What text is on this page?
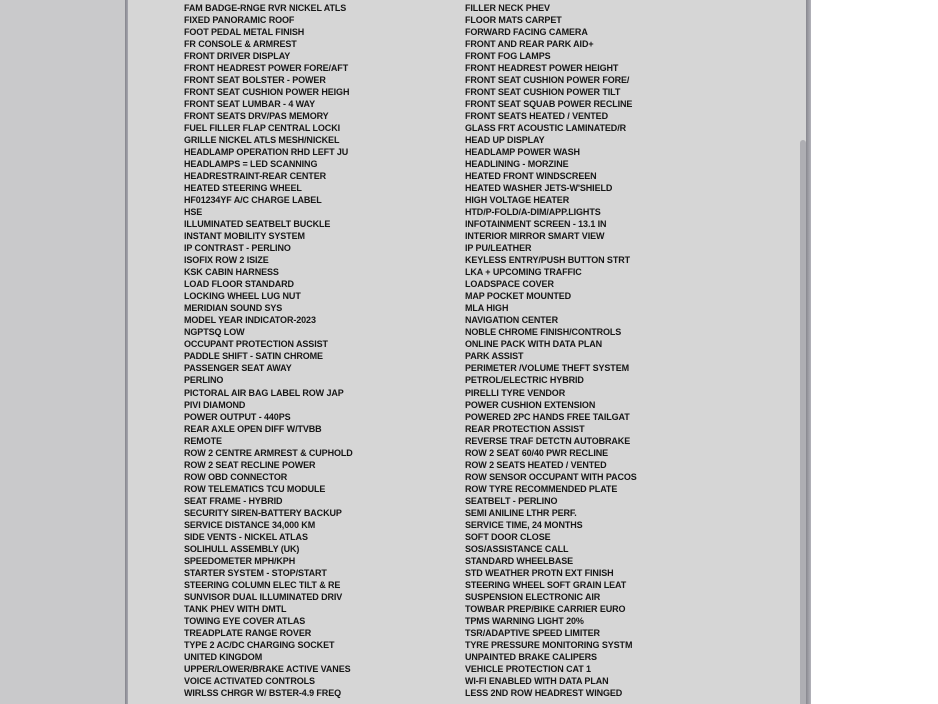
FAM BADGE-RNGE RVR NICKEL ATLS
FIXED PANORAMIC ROOF
FOOT PEDAL METAL FINISH
FR CONSOLE & ARMREST
FRONT DRIVER DISPLAY
FRONT HEADREST POWER FORE/AFT
FRONT SEAT BOLSTER - POWER
FRONT SEAT CUSHION POWER HEIGH
FRONT SEAT LUMBAR - 4 WAY
FRONT SEATS DRV/PAS MEMORY
FUEL FILLER FLAP CENTRAL LOCKI
GRILLE NICKEL ATLS MESH/NICKEL
HEADLAMP OPERATION RHD LEFT JU
HEADLAMPS = LED SCANNING
HEADRESTRAINT-REAR CENTER
HEATED STEERING WHEEL
HF01234YF A/C CHARGE LABEL
HSE
ILLUMINATED SEATBELT BUCKLE
INSTANT MOBILITY SYSTEM
IP CONTRAST - PERLINO
ISOFIX ROW 2 ISIZE
KSK CABIN HARNESS
LOAD FLOOR STANDARD
LOCKING WHEEL LUG NUT
MERIDIAN SOUND SYS
MODEL YEAR INDICATOR-2023
NGPTSQ LOW
OCCUPANT PROTECTION ASSIST
PADDLE SHIFT - SATIN CHROME
PASSENGER SEAT AWAY
PERLINO
PICTORAL AIR BAG LABEL ROW JAP
PIVI DIAMOND
POWER OUTPUT - 440PS
REAR AXLE OPEN DIFF W/TVBB
REMOTE
ROW 2 CENTRE ARMREST & CUPHOLD
ROW 2 SEAT RECLINE POWER
ROW OBD CONNECTOR
ROW TELEMATICS TCU MODULE
SEAT FRAME - HYBRID
SECURITY SIREN-BATTERY BACKUP
SERVICE DISTANCE 34,000 KM
SIDE VENTS - NICKEL ATLAS
SOLIHULL ASSEMBLY (UK)
SPEEDOMETER MPH/KPH
STARTER SYSTEM - STOP/START
STEERING COLUMN ELEC TILT & RE
SUNVISOR DUAL ILLUMINATED DRIV
TANK PHEV WITH DMTL
TOWING EYE COVER ATLAS
TREADPLATE RANGE ROVER
TYPE 2 AC/DC CHARGING SOCKET
UNITED KINGDOM
UPPER/LOWER/BRAKE ACTIVE VANES
VOICE ACTIVATED CONTROLS
WIRLSS CHRGR W/ BSTER-4.9 FREQ
FILLER NECK PHEV
FLOOR MATS CARPET
FORWARD FACING CAMERA
FRONT AND REAR PARK AID+
FRONT FOG LAMPS
FRONT HEADREST POWER HEIGHT
FRONT SEAT CUSHION POWER FORE/
FRONT SEAT CUSHION POWER TILT
FRONT SEAT SQUAB POWER RECLINE
FRONT SEATS HEATED / VENTED
GLASS FRT ACOUSTIC LAMINATED/R
HEAD UP DISPLAY
HEADLAMP POWER WASH
HEADLINING - MORZINE
HEATED FRONT WINDSCREEN
HEATED WASHER JETS-W'SHIELD
HIGH VOLTAGE HEATER
HTD/P-FOLD/A-DIM/APP.LIGHTS
INFOTAINMENT SCREEN - 13.1 IN
INTERIOR MIRROR SMART VIEW
IP PU/LEATHER
KEYLESS ENTRY/PUSH BUTTON STRT
LKA + UPCOMING TRAFFIC
LOADSPACE COVER
MAP POCKET MOUNTED
MLA HIGH
NAVIGATION CENTER
NOBLE CHROME FINISH/CONTROLS
ONLINE PACK WITH DATA PLAN
PARK ASSIST
PERIMETER /VOLUME THEFT SYSTEM
PETROL/ELECTRIC HYBRID
PIRELLI TYRE VENDOR
POWER CUSHION EXTENSION
POWERED 2PC HANDS FREE TAILGAT
REAR PROTECTION ASSIST
REVERSE TRAF DETCTN AUTOBRAKE
ROW 2 SEAT 60/40 PWR RECLINE
ROW 2 SEATS HEATED / VENTED
ROW SENSOR OCCUPANT WITH PACOS
ROW TYRE RECOMMENDED PLATE
SEATBELT - PERLINO
SEMI ANILINE LTHR PERF.
SERVICE TIME, 24 MONTHS
SOFT DOOR CLOSE
SOS/ASSISTANCE CALL
STANDARD WHEELBASE
STD WEATHER PROTN EXT FINISH
STEERING WHEEL SOFT GRAIN LEAT
SUSPENSION ELECTRONIC AIR
TOWBAR PREP/BIKE CARRIER EURO
TPMS WARNING LIGHT 20%
TSR/ADAPTIVE SPEED LIMITER
TYRE PRESSURE MONITORING SYSTM
UNPAINTED BRAKE CALIPERS
VEHICLE PROTECTION CAT 1
WI-FI ENABLED WITH DATA PLAN
LESS 2ND ROW HEADREST WINGED
